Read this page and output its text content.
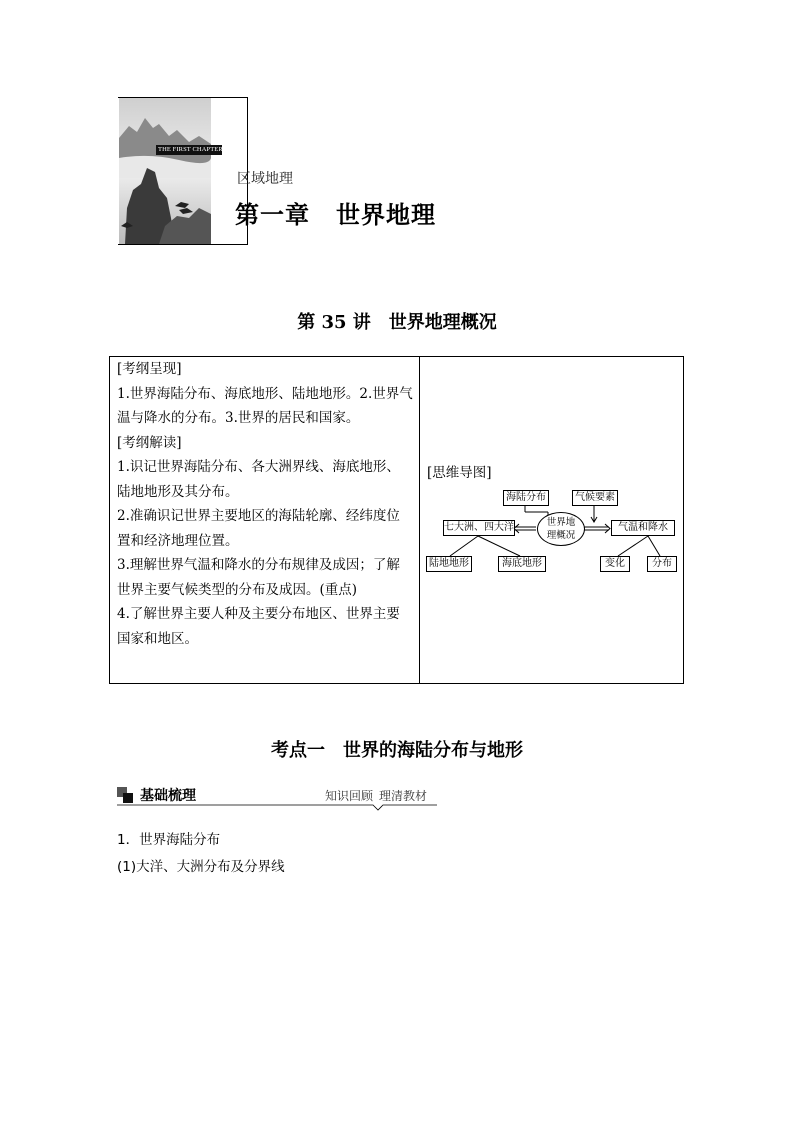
THE FIRST CHAPTER
区域地理
第一章 世界地理
第 35 讲 世界地理概况

[考纲呈现]

1.世界海陆分布、海底地形、陆地地形。2.世界气

温与降水的分布。3.世界的居民和国家。

[考纲解读]

1.识记世界海陆分布、各大洲界线、海底地形、

陆地地形及其分布。

2.准确识记世界主要地区的海陆轮廓、经纬度位

置和经济地理位置。

3.理解世界气温和降水的分布规律及成因；了解

世界主要气候类型的分布及成因。(重点)

4.了解世界主要人种及主要分布地区、世界主要

国家和地区。

[思维导图]
海陆分布	气候要素
七大洲、四大洋	世界地
理概况
气温和降水
陆地地形	海底地形	变化	分布
考点一 世界的海陆分布与地形
基础梳理	知识回顾 理清教材
1．世界海陆分布
(1)大洋、大洲分布及分界线
